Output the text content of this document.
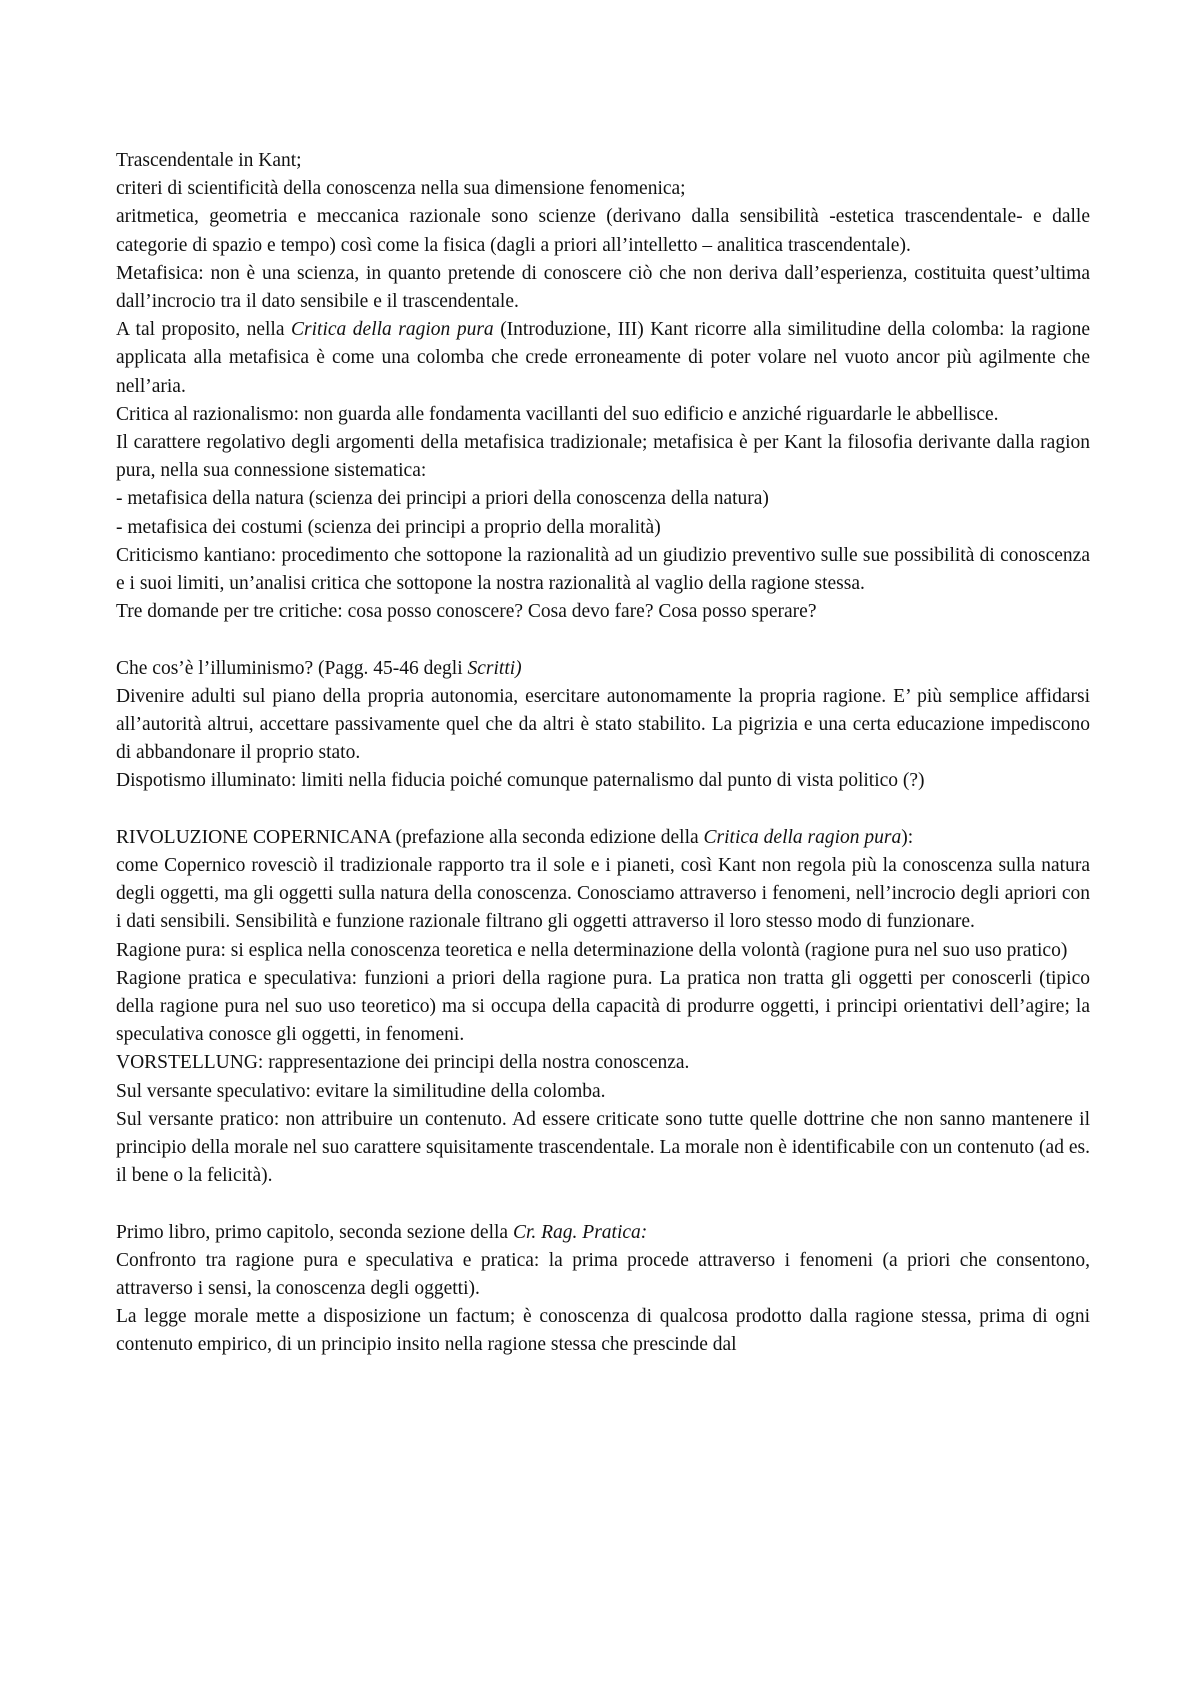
Trascendentale in Kant;

criteri di scientificità della conoscenza nella sua dimensione fenomenica;

aritmetica, geometria e meccanica razionale sono scienze (derivano dalla sensibilità -estetica trascendentale- e dalle categorie di spazio e tempo) così come la fisica (dagli a priori all’intelletto – analitica trascendentale).

Metafisica: non è una scienza, in quanto pretende di conoscere ciò che non deriva dall’esperienza, costituita quest’ultima dall’incrocio tra il dato sensibile e il trascendentale.

A tal proposito, nella Critica della ragion pura (Introduzione, III) Kant ricorre alla similitudine della colomba: la ragione applicata alla metafisica è come una colomba che crede erroneamente di poter volare nel vuoto ancor più agilmente che nell’aria.

Critica al razionalismo: non guarda alle fondamenta vacillanti del suo edificio e anziché riguardarle le abbellisce.

Il carattere regolativo degli argomenti della metafisica tradizionale; metafisica è per Kant la filosofia derivante dalla ragion pura, nella sua connessione sistematica:

- metafisica della natura (scienza dei principi a priori della conoscenza della natura)

- metafisica dei costumi (scienza dei principi a proprio della moralità)

Criticismo kantiano: procedimento che sottopone la razionalità ad un giudizio preventivo sulle sue possibilità di conoscenza e i suoi limiti, un’analisi critica che sottopone la nostra razionalità al vaglio della ragione stessa.

Tre domande per tre critiche: cosa posso conoscere? Cosa devo fare? Cosa posso sperare?

Che cos’è l’illuminismo? (Pagg. 45-46 degli Scritti)

Divenire adulti sul piano della propria autonomia, esercitare autonomamente la propria ragione. E’ più semplice affidarsi all’autorità altrui, accettare passivamente quel che da altri è stato stabilito. La pigrizia e una certa educazione impediscono di abbandonare il proprio stato.

Dispotismo illuminato: limiti nella fiducia poiché comunque paternalismo dal punto di vista politico (?)

RIVOLUZIONE COPERNICANA (prefazione alla seconda edizione della Critica della ragion pura):

come Copernico rovesciò il tradizionale rapporto tra il sole e i pianeti, così Kant non regola più la conoscenza sulla natura degli oggetti, ma gli oggetti sulla natura della conoscenza. Conosciamo attraverso i fenomeni, nell’incrocio degli apriori con i dati sensibili. Sensibilità e funzione razionale filtrano gli oggetti attraverso il loro stesso modo di funzionare.

Ragione pura: si esplica nella conoscenza teoretica e nella determinazione della volontà (ragione pura nel suo uso pratico)

Ragione pratica e speculativa: funzioni a priori della ragione pura. La pratica non tratta gli oggetti per conoscerli (tipico della ragione pura nel suo uso teoretico) ma si occupa della capacità di produrre oggetti, i principi orientativi dell’agire; la speculativa conosce gli oggetti, in fenomeni.

VORSTELLUNG: rappresentazione dei principi della nostra conoscenza.

Sul versante speculativo: evitare la similitudine della colomba.

Sul versante pratico: non attribuire un contenuto. Ad essere criticate sono tutte quelle dottrine che non sanno mantenere il principio della morale nel suo carattere squisitamente trascendentale. La morale non è identificabile con un contenuto (ad es. il bene o la felicità).

Primo libro, primo capitolo, seconda sezione della Cr. Rag. Pratica:

Confronto tra ragione pura e speculativa e pratica: la prima procede attraverso i fenomeni (a priori che consentono, attraverso i sensi, la conoscenza degli oggetti).

La legge morale mette a disposizione un factum; è conoscenza di qualcosa prodotto dalla ragione stessa, prima di ogni contenuto empirico, di un principio insito nella ragione stessa che prescinde dal
